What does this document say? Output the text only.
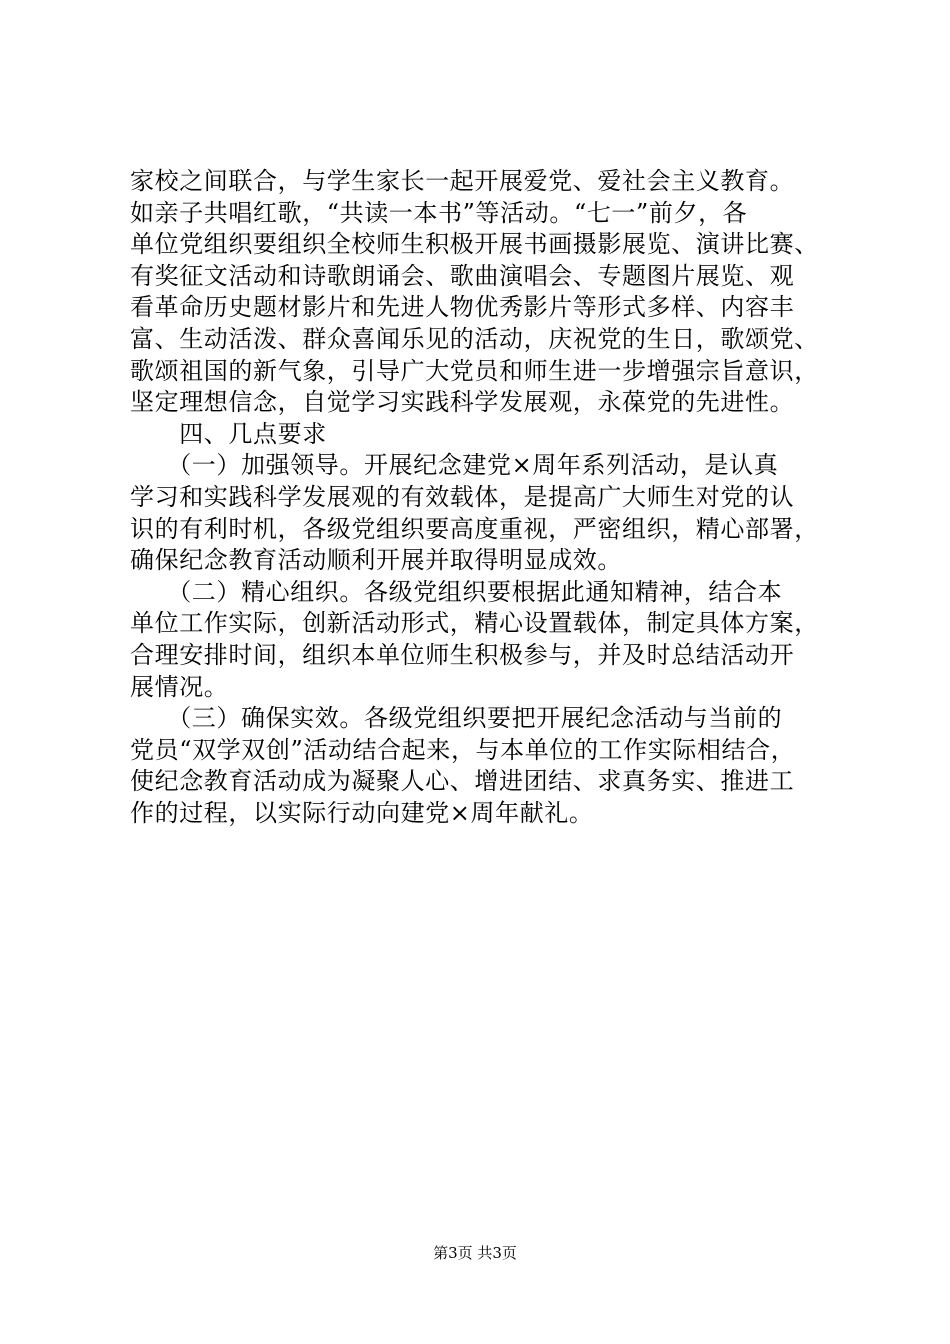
家校之间联合，与学生家长一起开展爱党、爱社会主义教育。
如亲子共唱红歌，“共读一本书”等活动。“七一”前夕，各
单位党组织要组织全校师生积极开展书画摄影展览、演讲比赛、
有奖征文活动和诗歌朗诵会、歌曲演唱会、专题图片展览、观
看革命历史题材影片和先进人物优秀影片等形式多样、内容丰
富、生动活泼、群众喜闻乐见的活动，庆祝党的生日，歌颂党、
歌颂祖国的新气象，引导广大党员和师生进一步增强宗旨意识，
坚定理想信念，自觉学习实践科学发展观，永葆党的先进性。
　　四、几点要求
　　（一）加强领导。开展纪念建党×周年系列活动，是认真
学习和实践科学发展观的有效载体，是提高广大师生对党的认
识的有利时机，各级党组织要高度重视，严密组织，精心部署，
确保纪念教育活动顺利开展并取得明显成效。
　　（二）精心组织。各级党组织要根据此通知精神，结合本
单位工作实际，创新活动形式，精心设置载体，制定具体方案，
合理安排时间，组织本单位师生积极参与，并及时总结活动开
展情况。
　　（三）确保实效。各级党组织要把开展纪念活动与当前的
党员“双学双创”活动结合起来，与本单位的工作实际相结合，
使纪念教育活动成为凝聚人心、增进团结、求真务实、推进工
作的过程，以实际行动向建党×周年献礼。
第3页 共3页
